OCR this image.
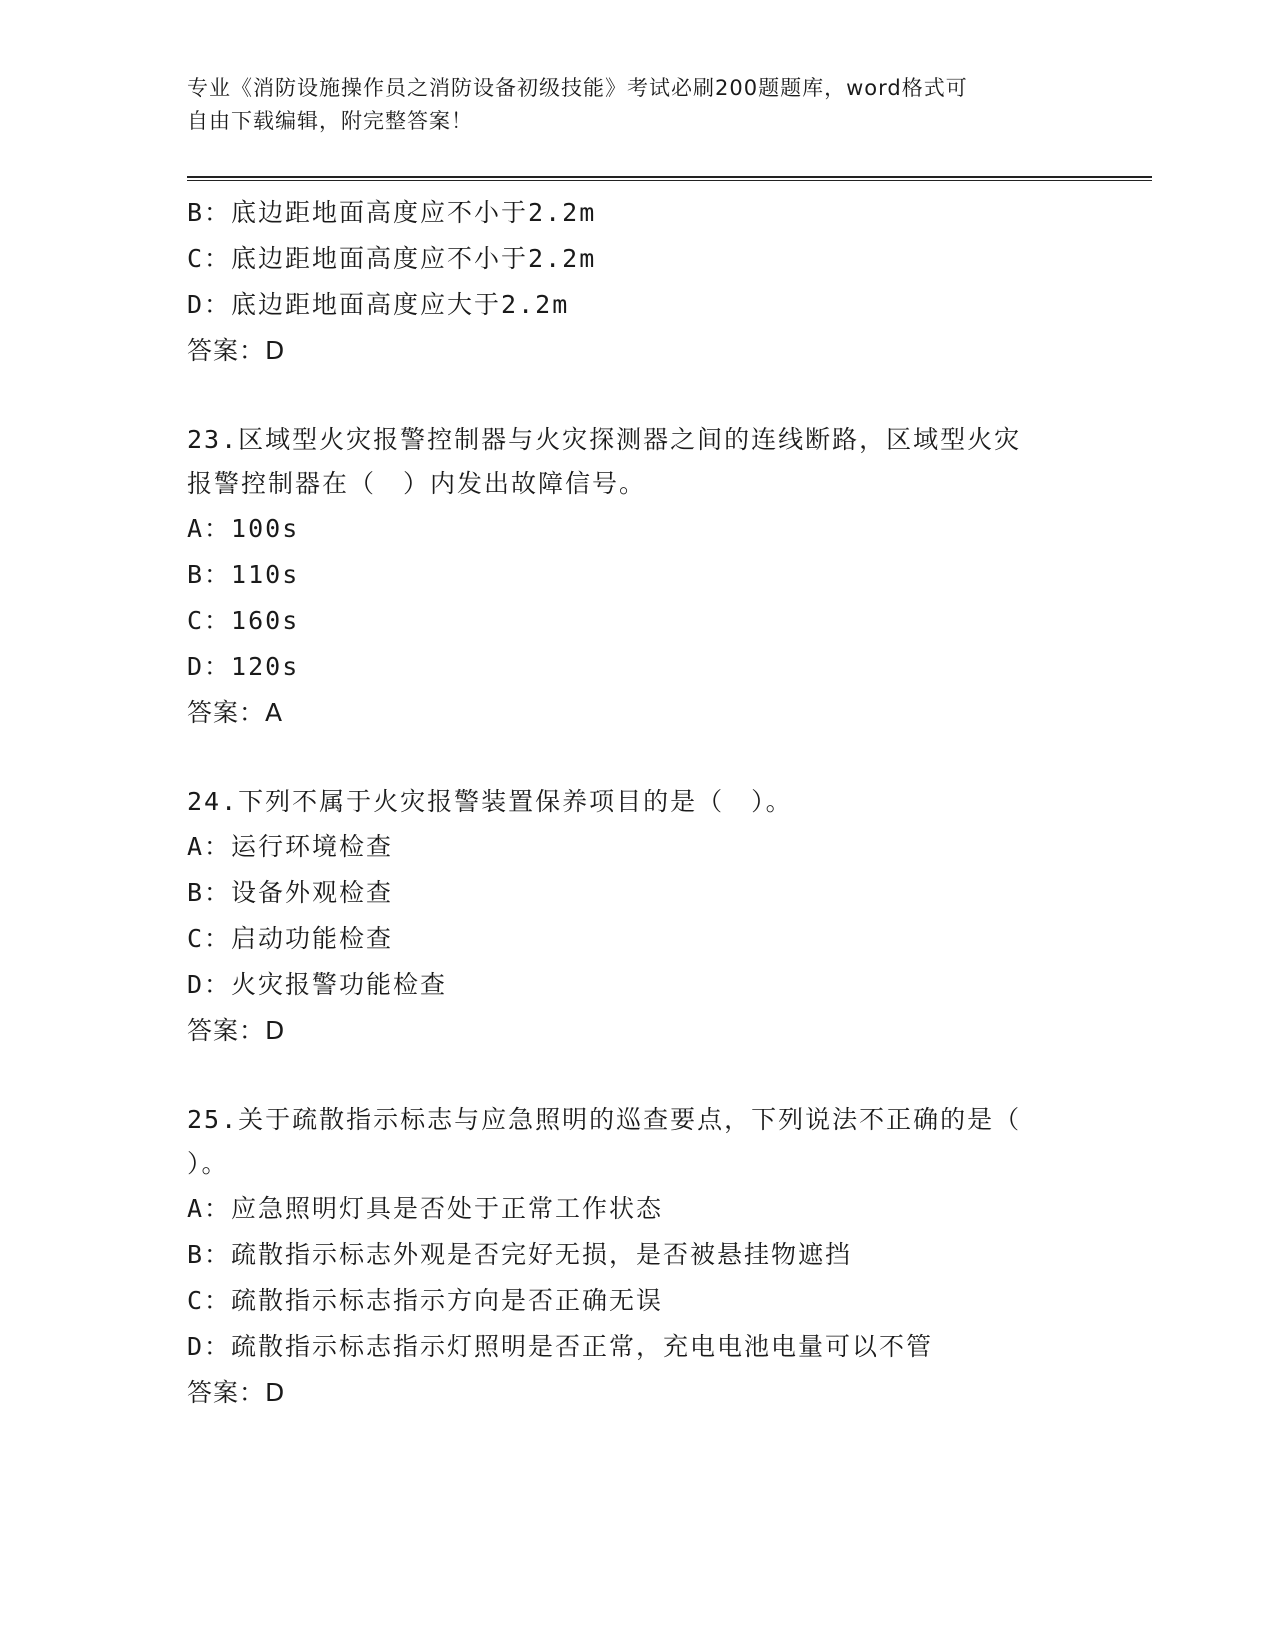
专业《消防设施操作员之消防设备初级技能》考试必刷200题题库，word格式可
自由下载编辑，附完整答案！
B：底边距地面高度应不小于2.2m
C：底边距地面高度应不小于2.2m
D：底边距地面高度应大于2.2m
答案：D
23.区域型火灾报警控制器与火灾探测器之间的连线断路，区域型火灾
报警控制器在（　）内发出故障信号。
A：100s
B：110s
C：160s
D：120s
答案：A
24.下列不属于火灾报警装置保养项目的是（　）。
A：运行环境检查
B：设备外观检查
C：启动功能检查
D：火灾报警功能检查
答案：D
25.关于疏散指示标志与应急照明的巡查要点，下列说法不正确的是（
）。
A：应急照明灯具是否处于正常工作状态
B：疏散指示标志外观是否完好无损，是否被悬挂物遮挡
C：疏散指示标志指示方向是否正确无误
D：疏散指示标志指示灯照明是否正常，充电电池电量可以不管
答案：D
